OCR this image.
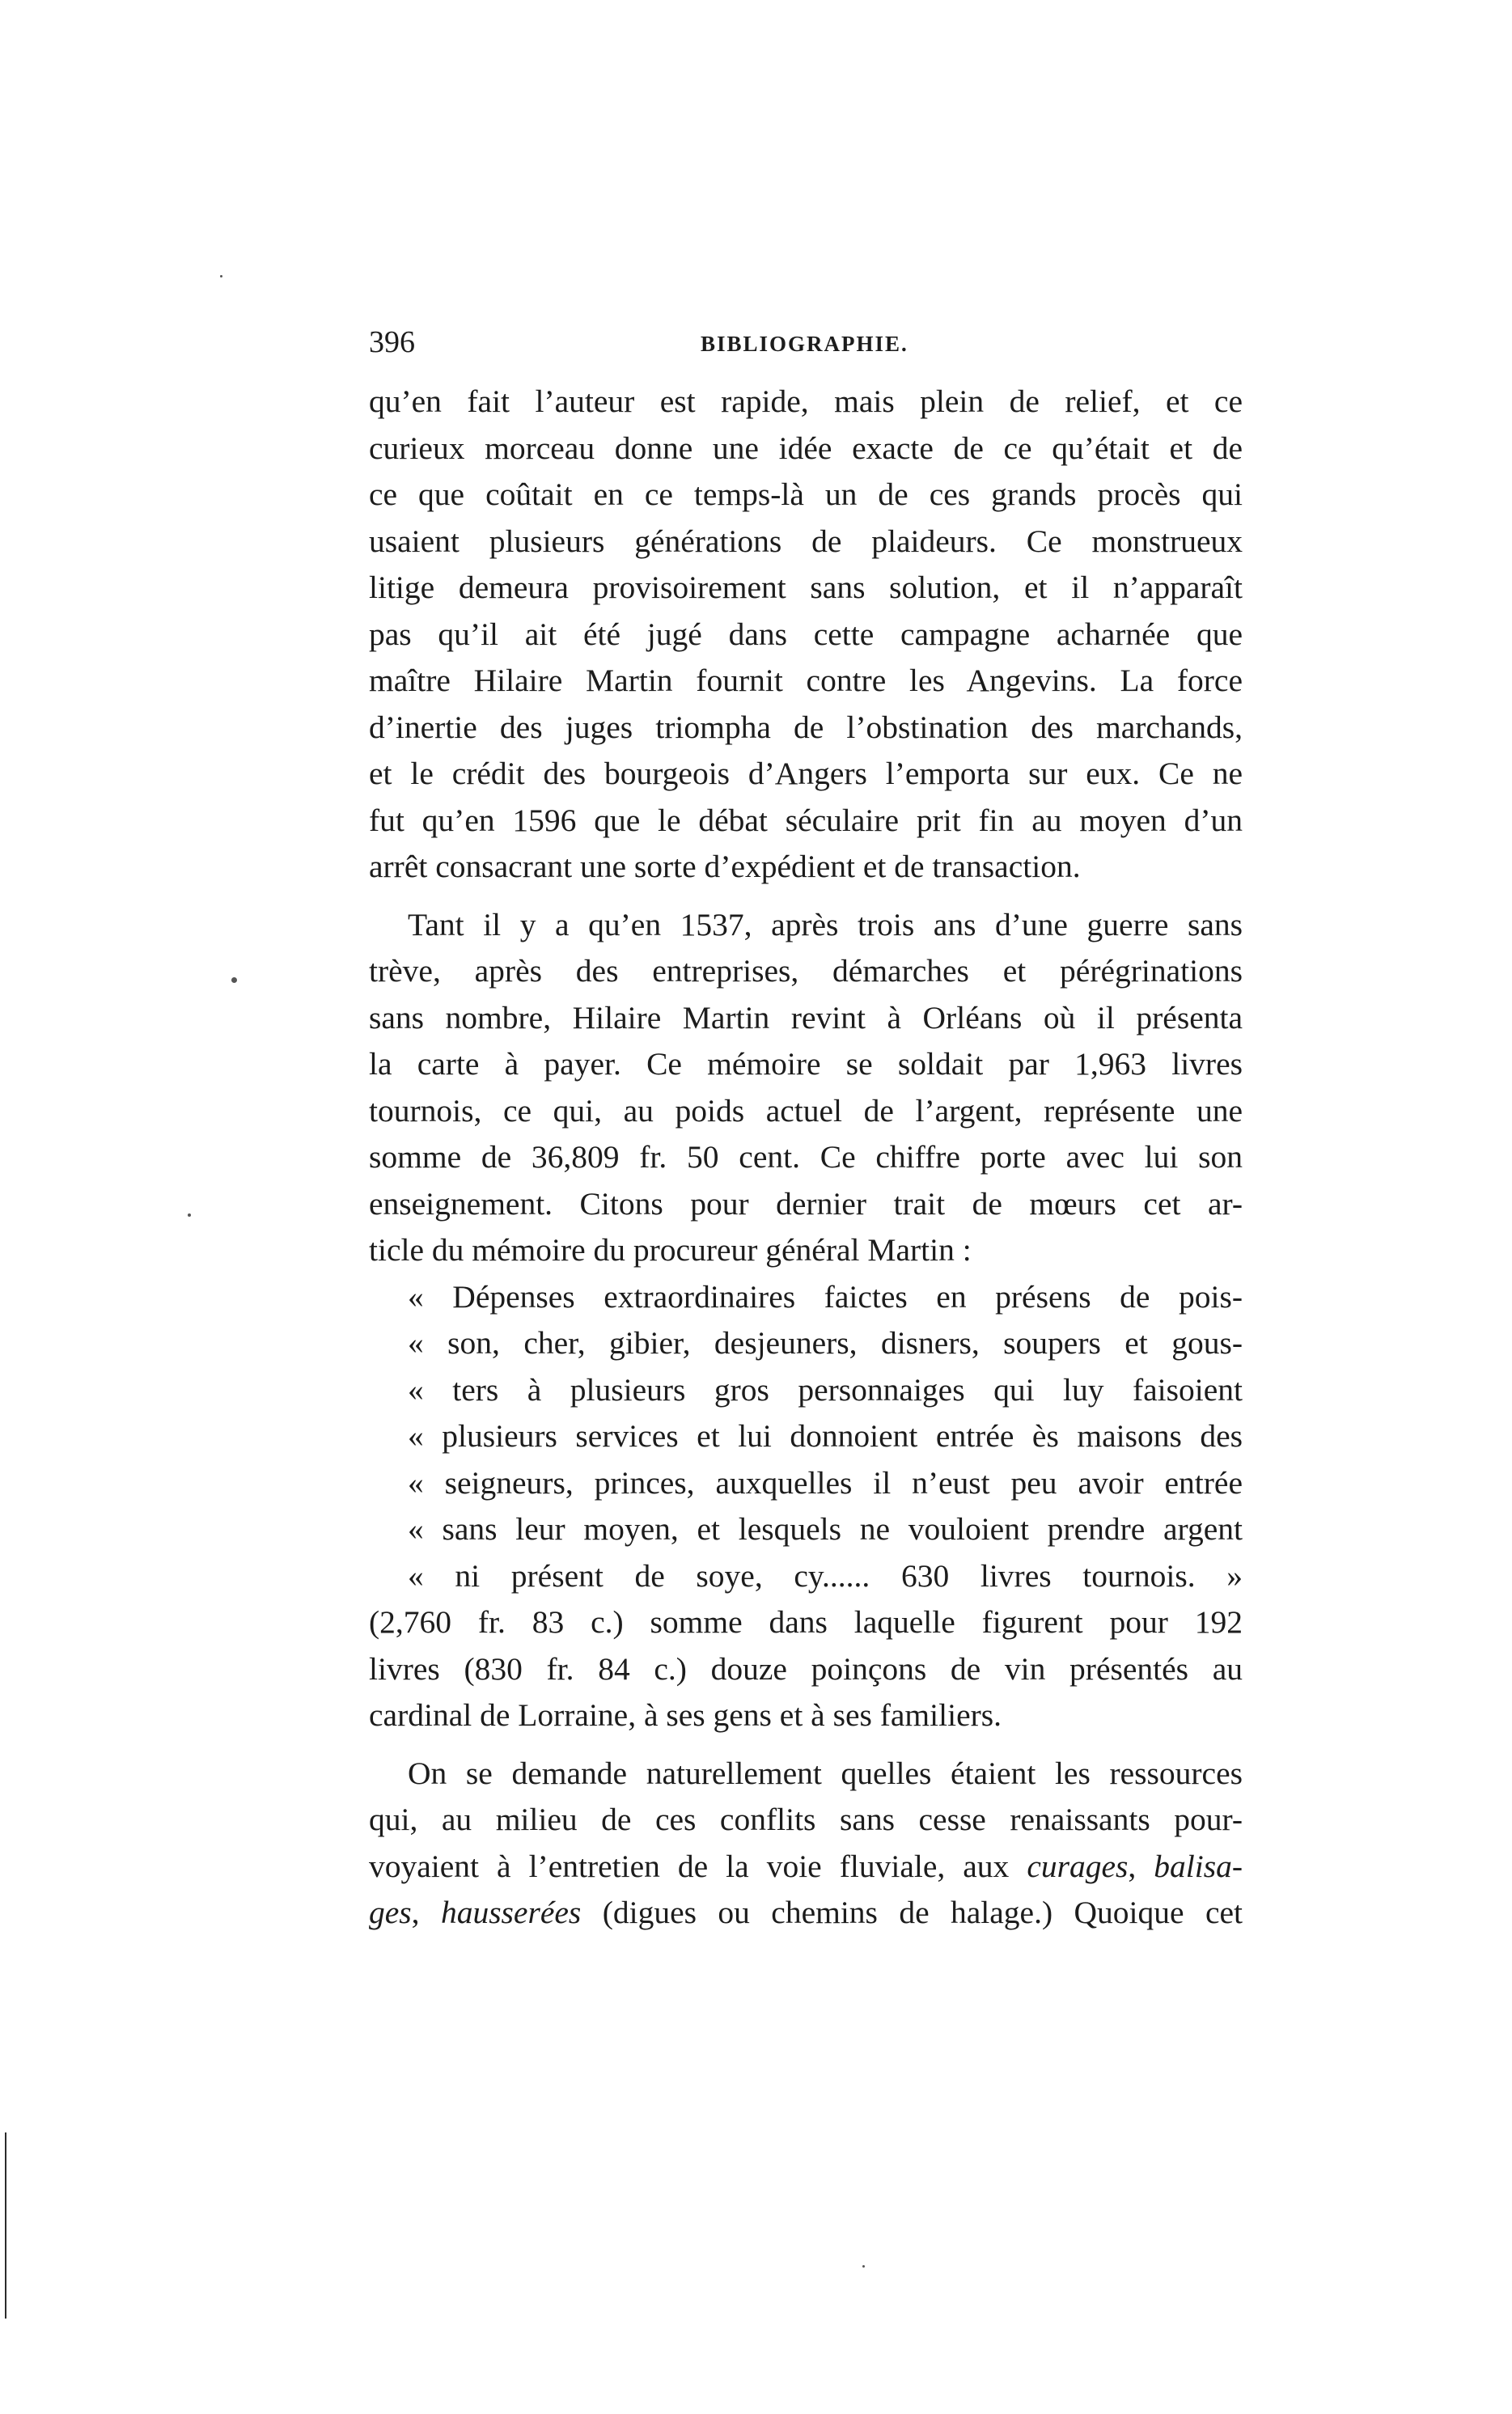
396	BIBLIOGRAPHIE.
qu’en fait l’auteur est rapide, mais plein de relief, et ce
curieux morceau donne une idée exacte de ce qu’était et de
ce que coûtait en ce temps-là un de ces grands procès qui
usaient plusieurs générations de plaideurs. Ce monstrueux
litige demeura provisoirement sans solution, et il n’apparaît
pas qu’il ait été jugé dans cette campagne acharnée que
maître Hilaire Martin fournit contre les Angevins. La force
d’inertie des juges triompha de l’obstination des marchands,
et le crédit des bourgeois d’Angers l’emporta sur eux. Ce ne
fut qu’en 1596 que le débat séculaire prit fin au moyen d’un
arrêt consacrant une sorte d’expédient et de transaction.
Tant il y a qu’en 1537, après trois ans d’une guerre sans
trève, après des entreprises, démarches et pérégrinations
sans nombre, Hilaire Martin revint à Orléans où il présenta
la carte à payer. Ce mémoire se soldait par 1,963 livres
tournois, ce qui, au poids actuel de l’argent, représente une
somme de 36,809 fr. 50 cent. Ce chiffre porte avec lui son
enseignement. Citons pour dernier trait de mœurs cet ar-
ticle du mémoire du procureur général Martin :
« Dépenses extraordinaires faictes en présens de pois-
« son, cher, gibier, desjeuners, disners, soupers et gous-
« ters à plusieurs gros personnaiges qui luy faisoient
« plusieurs services et lui donnoient entrée ès maisons des
« seigneurs, princes, auxquelles il n’eust peu avoir entrée
« sans leur moyen, et lesquels ne vouloient prendre argent
« ni présent de soye, cy...... 630 livres tournois. »
(2,760 fr. 83 c.) somme dans laquelle figurent pour 192
livres (830 fr. 84 c.) douze poinçons de vin présentés au
cardinal de Lorraine, à ses gens et à ses familiers.
On se demande naturellement quelles étaient les ressources
qui, au milieu de ces conflits sans cesse renaissants pour-
voyaient à l’entretien de la voie fluviale, aux curages, balisa-
ges, hausserées (digues ou chemins de halage.) Quoique cet
